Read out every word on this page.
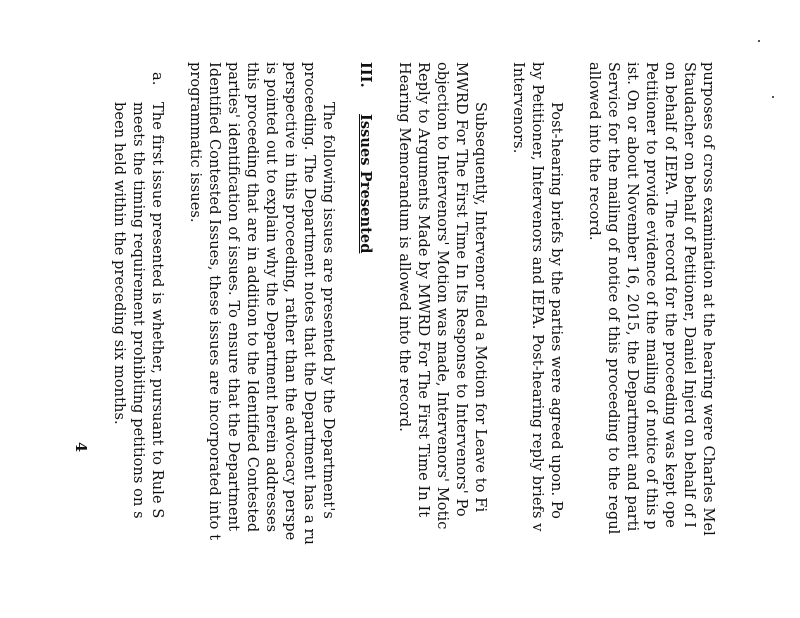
purposes of cross examination at the hearing were Charles Mel
Staudacher on behalf of Petitioner, Daniel Injerd on behalf of I
on behalf of IEPA. The record for the proceeding was kept ope
Petitioner to provide evidence of the mailing of notice of this p
ist. On or about November 16, 2015, the Department and parti
Service for the mailing of notice of this proceeding to the regul
allowed into the record.
Post-hearing briefs by the parties were agreed upon. Po
by Petitioner, Intervenors and IEPA. Post-hearing reply briefs v
Intervenors.
Subsequently, Intervenor filed a Motion for Leave to Fi
MWRD For The First Time In Its Response to Intervenors' Po
objection to Intervenors' Motion was made, Intervenors' Motic
Reply to Arguments Made by MWRD For The First Time In It
Hearing Memorandum is allowed into the record.
III.Issues Presented
The following issues are presented by the Department's
proceeding. The Department notes that the Department has a ru
perspective in this proceeding, rather than the advocacy perspe
is pointed out to explain why the Department herein addresses
this proceeding that are in addition to the Identified Contested
parties' identification of issues. To ensure that the Department
Identified Contested Issues, these issues are incorporated into t
programmatic issues.
a.The first issue presented is whether, pursuant to Rule S
meets the timing requirement prohibiting petitions on s
been held within the preceding six months.
4
